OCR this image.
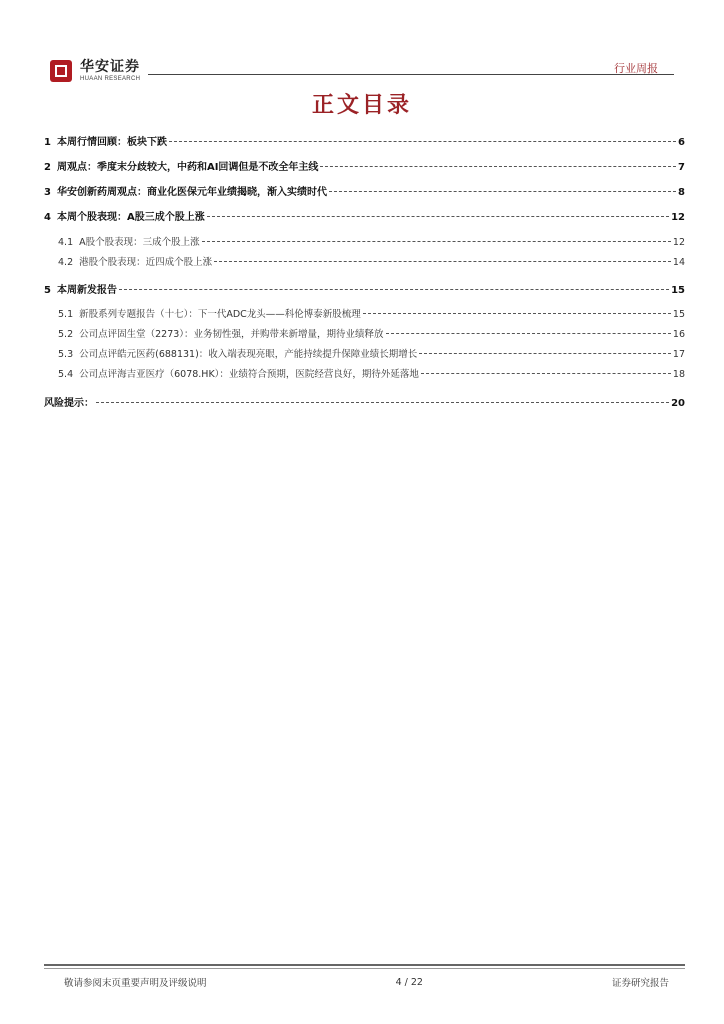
华安证券
HUAAN RESEARCH
行业周报
正文目录
1 本周行情回顾：板块下跌	6
2 周观点：季度末分歧较大，中药和AI回调但是不改全年主线	7
3 华安创新药周观点：商业化医保元年业绩揭晓，渐入实绩时代	8
4 本周个股表现：A股三成个股上涨	12
4.1 A股个股表现：三成个股上涨	12
4.2 港股个股表现：近四成个股上涨	14
5 本周新发报告	15
5.1 新股系列专题报告（十七）：下一代ADC龙头——科伦博泰新股梳理	15
5.2 公司点评固生堂（2273）：业务韧性强，并购带来新增量，期待业绩释放	16
5.3 公司点评皓元医药(688131)：收入端表现亮眼，产能持续提升保障业绩长期增长	17
5.4 公司点评海吉亚医疗（6078.HK）：业绩符合预期，医院经营良好，期待外延落地	18
风险提示：	20
敬请参阅末页重要声明及评级说明	4 / 22	证券研究报告
